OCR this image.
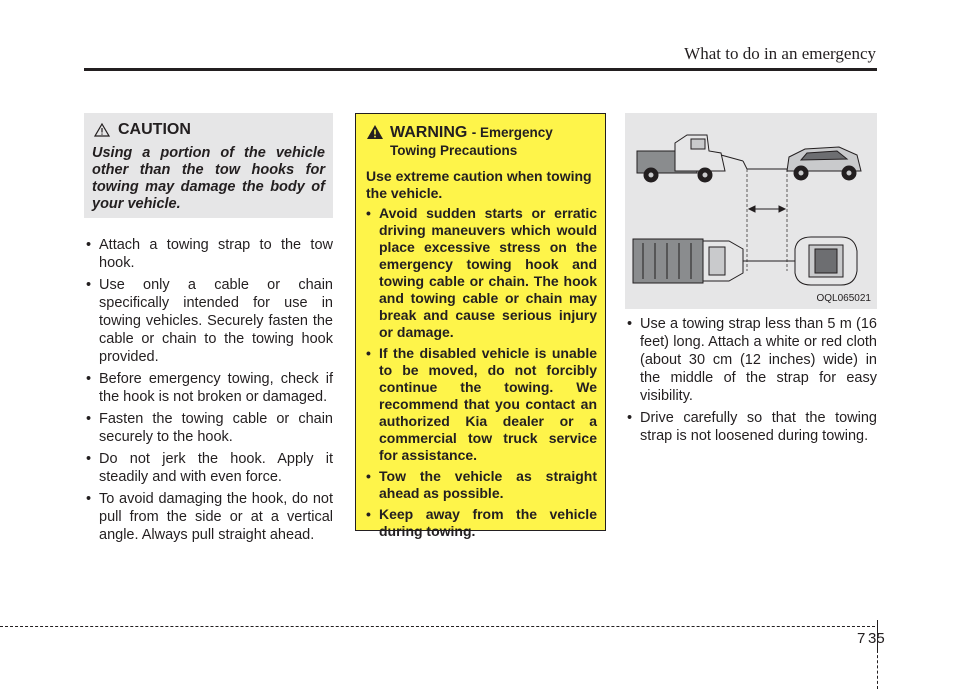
What to do in an emergency
CAUTION
Using a portion of the vehicle other than the tow hooks for towing may damage the body of your vehicle.
• Attach a towing strap to the tow hook.
• Use only a cable or chain specifically intended for use in towing vehicles. Securely fasten the cable or chain to the towing hook provided.
• Before emergency towing, check if the hook is not broken or damaged.
• Fasten the towing cable or chain securely to the hook.
• Do not jerk the hook. Apply it steadily and with even force.
• To avoid damaging the hook, do not pull from the side or at a vertical angle. Always pull straight ahead.
WARNING - Emergency Towing Precautions
Use extreme caution when towing the vehicle.
• Avoid sudden starts or erratic driving maneuvers which would place excessive stress on the emergency towing hook and towing cable or chain. The hook and towing cable or chain may break and cause serious injury or damage.
• If the disabled vehicle is unable to be moved, do not forcibly continue the towing. We recommend that you contact an authorized Kia dealer or a commercial tow truck service for assistance.
• Tow the vehicle as straight ahead as possible.
• Keep away from the vehicle during towing.
OQL065021
• Use a towing strap less than 5 m (16 feet) long. Attach a white or red cloth (about 30 cm (12 inches) wide) in the middle of the strap for easy visibility.
• Drive carefully so that the towing strap is not loosened during towing.
7 35
